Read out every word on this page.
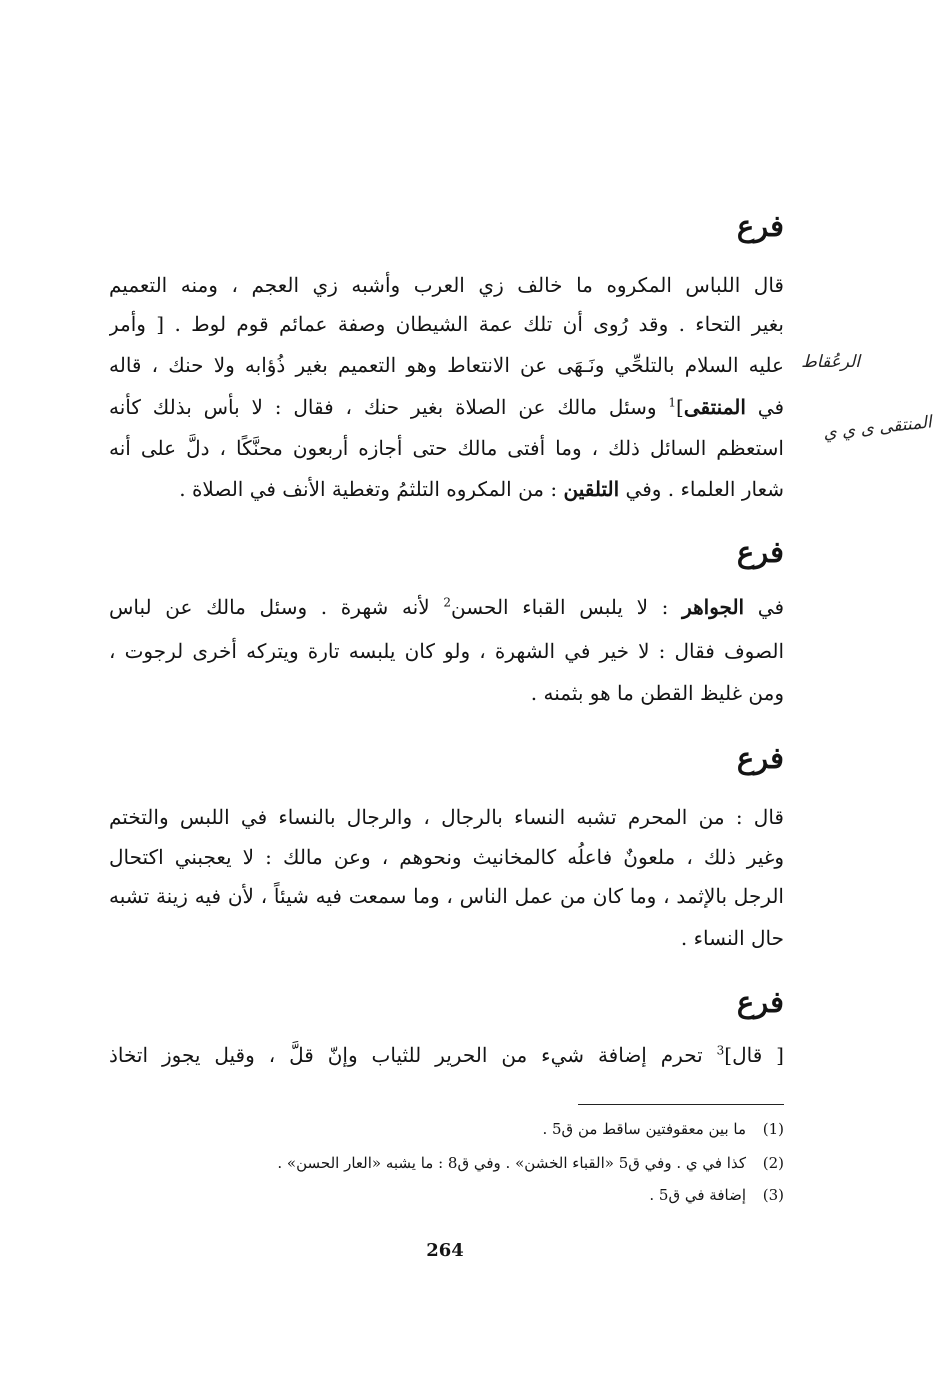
الرعُقاط
المنتقى ى ي ي
فرع
قال اللباس المكروه ما خالف زي العرب وأشبه زي العجم ، ومنه التعميم
بغير التحاء . وقد رُوى أن تلك عمة الشيطان وصفة عمائم قوم لوط . [ وأمر
عليه السلام بالتلحِّي ونَـهَى عن الانتعاط وهو التعميم بغير ذُؤابه ولا حنك ، قاله
في المنتقى]$^1$ وسئل مالك عن الصلاة بغير حنك ، فقال : لا بأس بذلك كأنه
استعظم السائل ذلك ، وما أفتى مالك حتى أجازه أربعون محنَّكًا ، دلَّ على أنه
شعار العلماء . وفي التلقين : من المكروه التلثمُ وتغطية الأنف في الصلاة .
فرع
في الجواهر : لا يلبس القباء الحسن$^2$ لأنه شهرة . وسئل مالك عن لباس
الصوف فقال : لا خير في الشهرة ، ولو كان يلبسه تارة ويتركه أخرى لرجوت ،
ومن غليظ القطن ما هو بثمنه .
فرع
قال : من المحرم تشبه النساء بالرجال ، والرجال بالنساء في اللبس والتختم
وغير ذلك ، ملعونٌ فاعلُه كالمخانيث ونحوهم ، وعن مالك : لا يعجبني اكتحال
الرجل بالإثمد ، وما كان من عمل الناس ، وما سمعت فيه شيئاً ، لأن فيه زينة تشبه
حال النساء .
فرع
[ قال]$^3$ تحرم إضافة شيء من الحرير للثياب وإنّ قلَّ ، وقيل يجوز اتخاذ
(1)ما بين معقوفتين ساقط من ق5 .
(2)كذا في ي . وفي ق5 «القباء الخشن» . وفي ق8 : ما يشبه «العار الحسن» .
(3)إضافة في ق5 .
264
